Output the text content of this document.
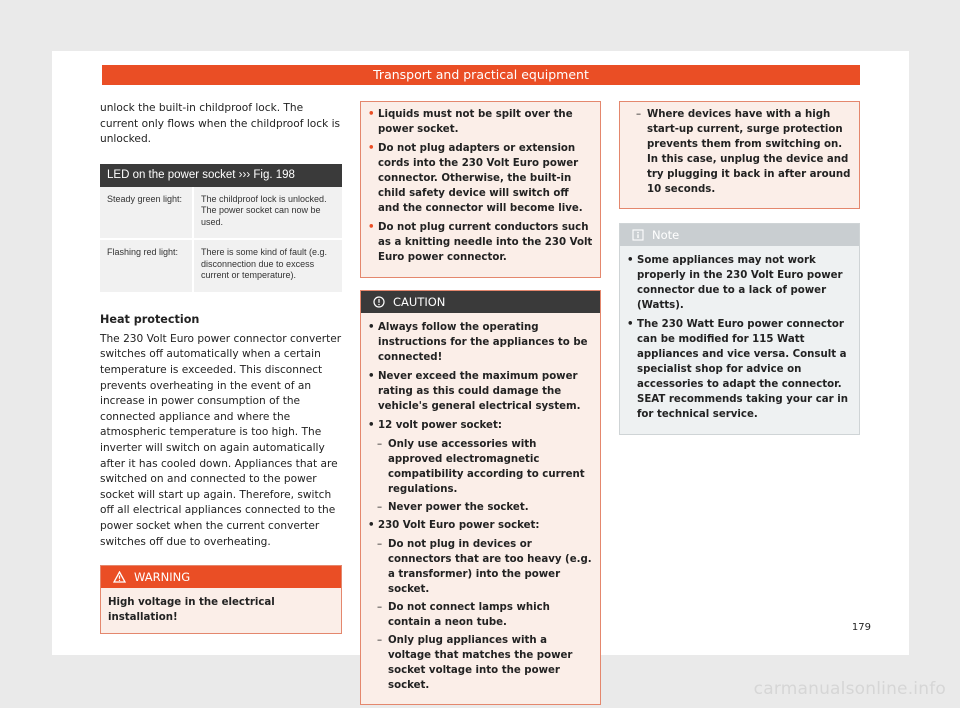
Transport and practical equipment

unlock the built-in childproof lock. The current only flows when the childproof lock is unlocked.

LED on the power socket ››› Fig. 198	
Steady green light:	The childproof lock is unlocked. The power socket can now be used.
Flashing red light:	There is some kind of fault (e.g. disconnection due to excess current or temperature).
Heat protection

The 230 Volt Euro power connector converter switches off automatically when a certain temperature is exceeded. This disconnect prevents overheating in the event of an increase in power consumption of the connected appliance and where the atmospheric temperature is too high. The inverter will switch on again automatically after it has cooled down. Appliances that are switched on and connected to the power socket will start up again. Therefore, switch off all electrical appliances connected to the power socket when the current converter switches off due to overheating.

WARNING
High voltage in the electrical installation!
• Liquids must not be spilt over the power socket.
• Do not plug adapters or extension cords into the 230 Volt Euro power connector. Otherwise, the built-in child safety device will switch off and the connector will become live.
• Do not plug current conductors such as a knitting needle into the 230 Volt Euro power connector.
CAUTION
• Always follow the operating instructions for the appliances to be connected!
• Never exceed the maximum power rating as this could damage the vehicle's general electrical system.
• 12 volt power socket:
– Only use accessories with approved electromagnetic compatibility according to current regulations.
– Never power the socket.
• 230 Volt Euro power socket:
– Do not plug in devices or connectors that are too heavy (e.g. a transformer) into the power socket.
– Do not connect lamps which contain a neon tube.
– Only plug appliances with a voltage that matches the power socket voltage into the power socket.
– Where devices have with a high start-up current, surge protection prevents them from switching on. In this case, unplug the device and try plugging it back in after around 10 seconds.
Note
• Some appliances may not work properly in the 230 Volt Euro power connector due to a lack of power (Watts).
• The 230 Watt Euro power connector can be modified for 115 Watt appliances and vice versa. Consult a specialist shop for advice on accessories to adapt the connector. SEAT recommends taking your car in for technical service.
179
carmanualsonline.info
